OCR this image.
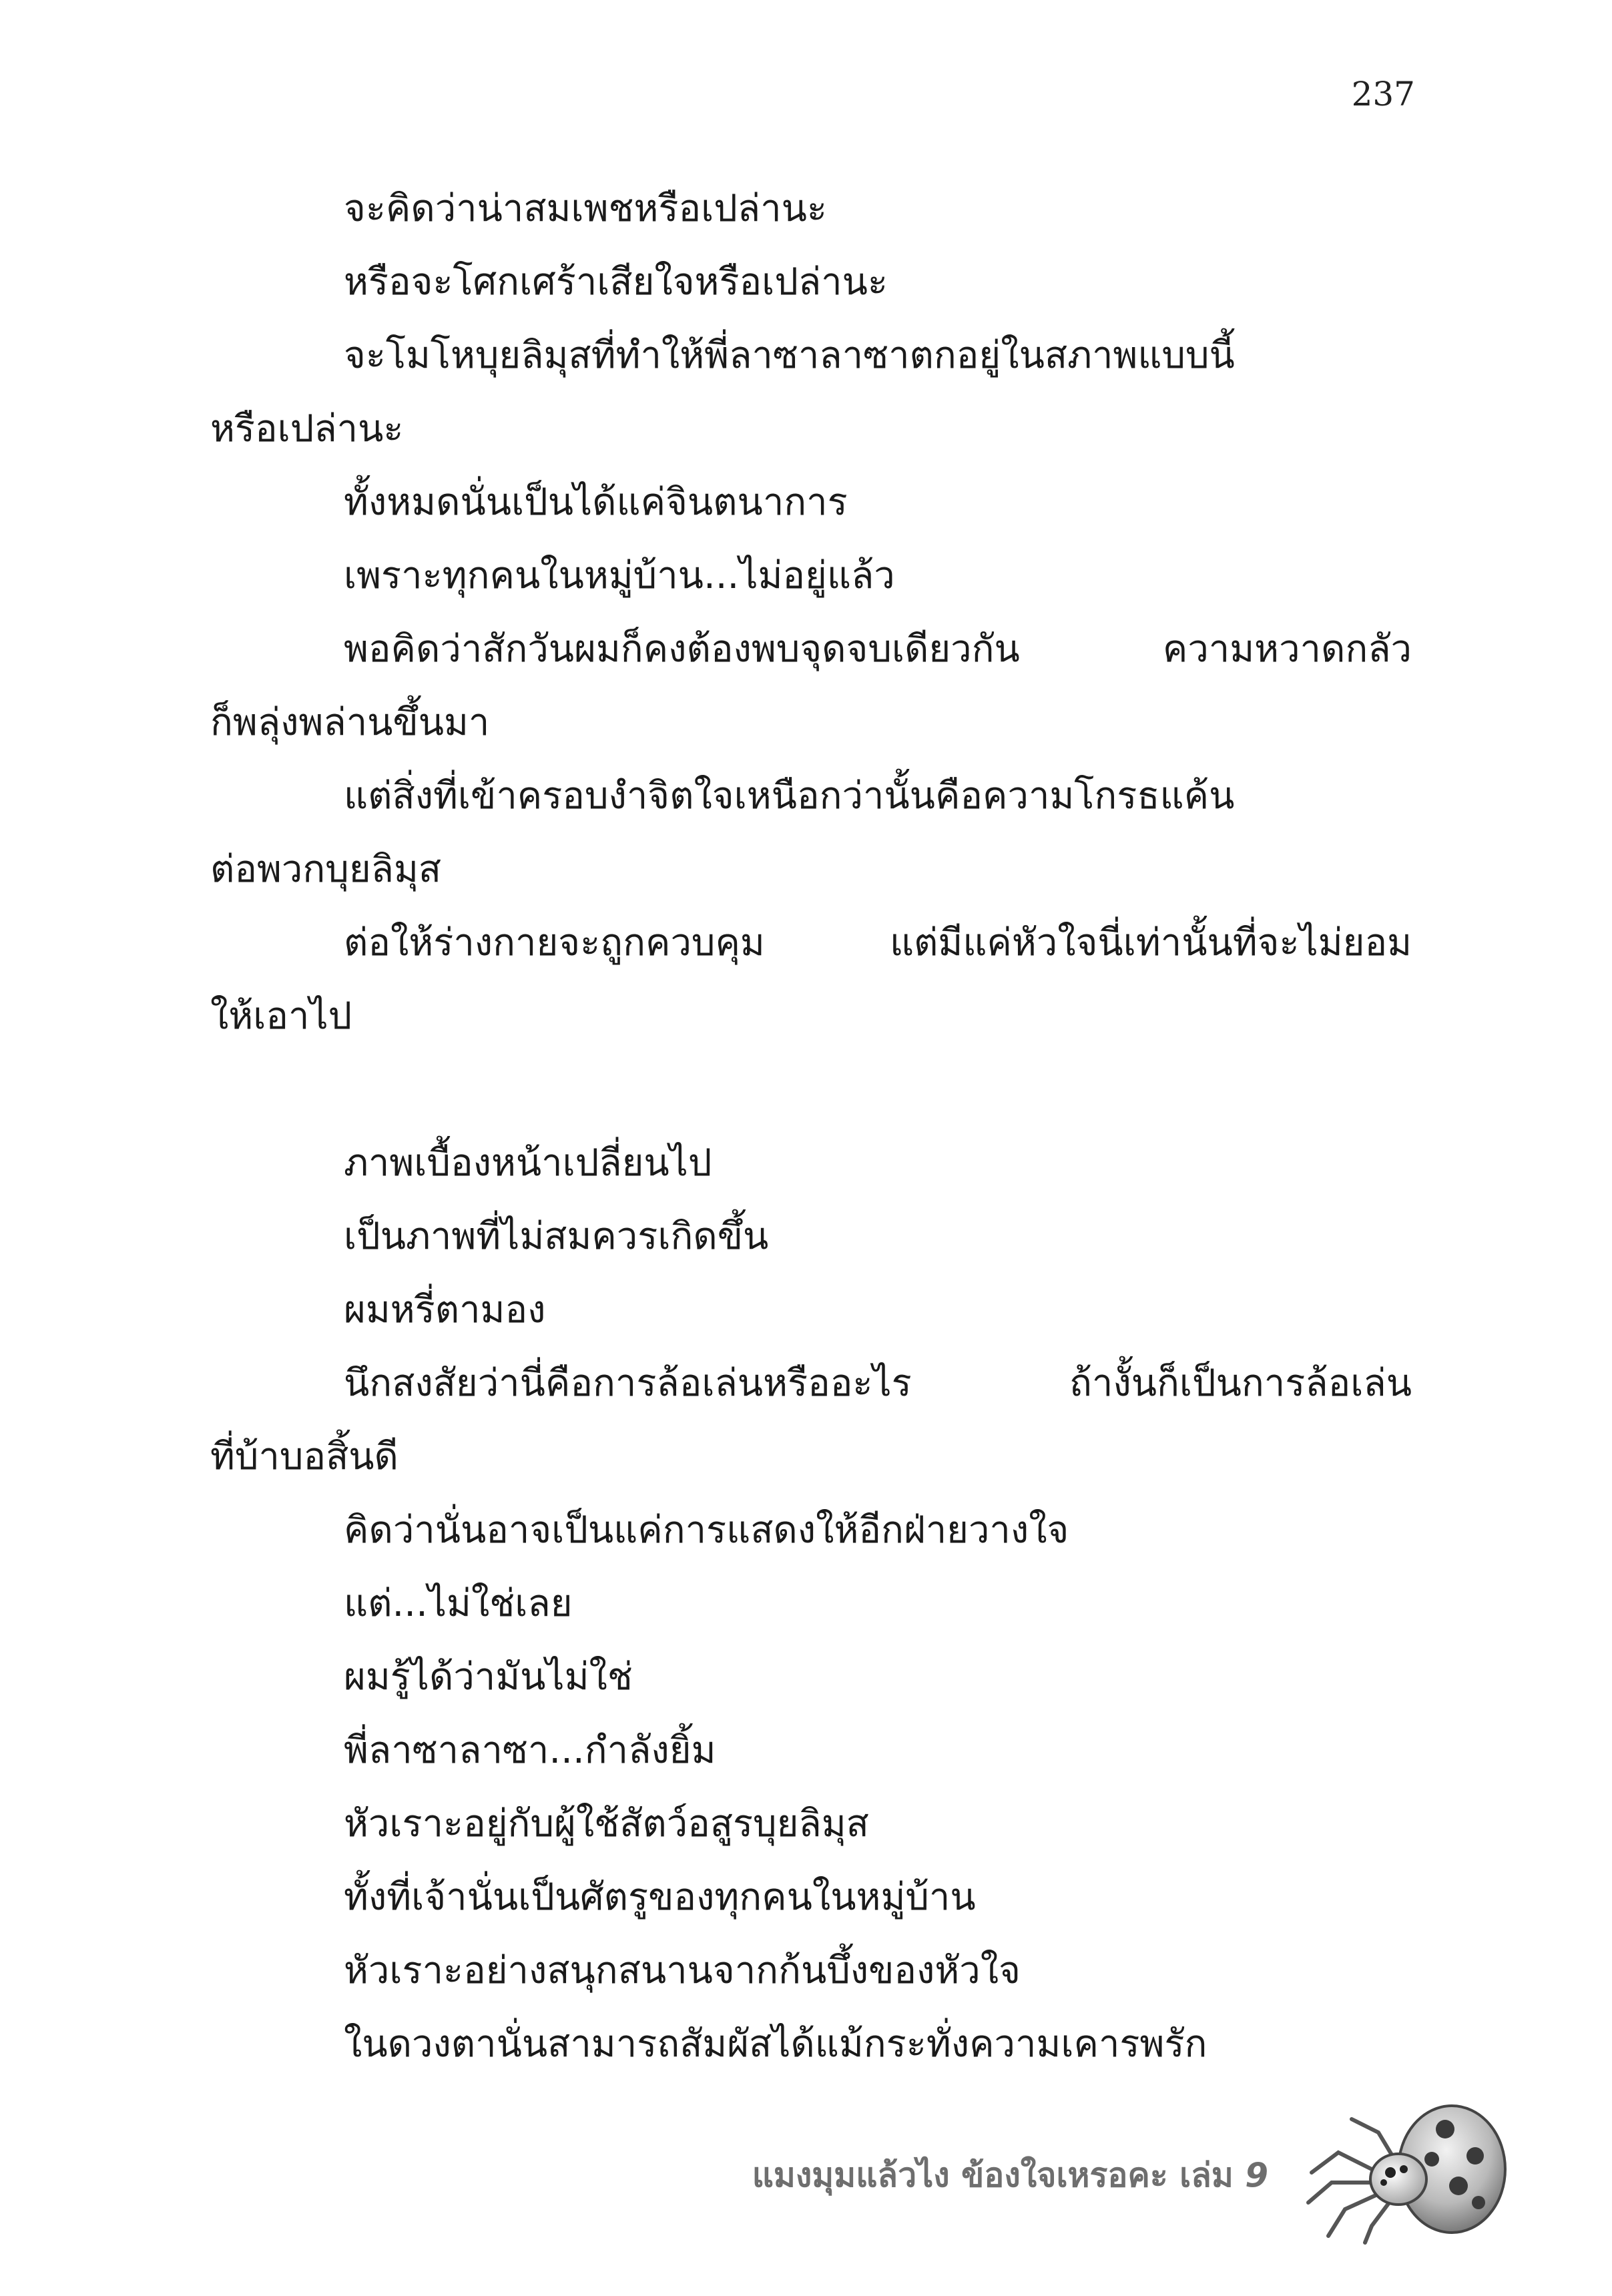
237
จะคิดว่าน่าสมเพชหรือเปล่านะ
หรือจะโศกเศร้าเสียใจหรือเปล่านะ
จะโมโหบุยลิมุสที่ทำให้พี่ลาซาลาซาตกอยู่ในสภาพแบบนี้
หรือเปล่านะ
ทั้งหมดนั่นเป็นได้แค่จินตนาการ
เพราะทุกคนในหมู่บ้าน...ไม่อยู่แล้ว
พอคิดว่าสักวันผมก็คงต้องพบจุดจบเดียวกัน ความหวาดกลัว
ก็พลุ่งพล่านขึ้นมา
แต่สิ่งที่เข้าครอบงำจิตใจเหนือกว่านั้นคือความโกรธแค้น
ต่อพวกบุยลิมุส
ต่อให้ร่างกายจะถูกควบคุม แต่มีแค่หัวใจนี่เท่านั้นที่จะไม่ยอม
ให้เอาไป
ภาพเบื้องหน้าเปลี่ยนไป
เป็นภาพที่ไม่สมควรเกิดขึ้น
ผมหรี่ตามอง
นึกสงสัยว่านี่คือการล้อเล่นหรืออะไร ถ้างั้นก็เป็นการล้อเล่น
ที่บ้าบอสิ้นดี
คิดว่านั่นอาจเป็นแค่การแสดงให้อีกฝ่ายวางใจ
แต่...ไม่ใช่เลย
ผมรู้ได้ว่ามันไม่ใช่
พี่ลาซาลาซา...กำลังยิ้ม
หัวเราะอยู่กับผู้ใช้สัตว์อสูรบุยลิมุส
ทั้งที่เจ้านั่นเป็นศัตรูของทุกคนในหมู่บ้าน
หัวเราะอย่างสนุกสนานจากก้นบึ้งของหัวใจ
ในดวงตานั่นสามารถสัมผัสได้แม้กระทั่งความเคารพรัก
แมงมุมแล้วไง ข้องใจเหรอคะ เล่ม 9
